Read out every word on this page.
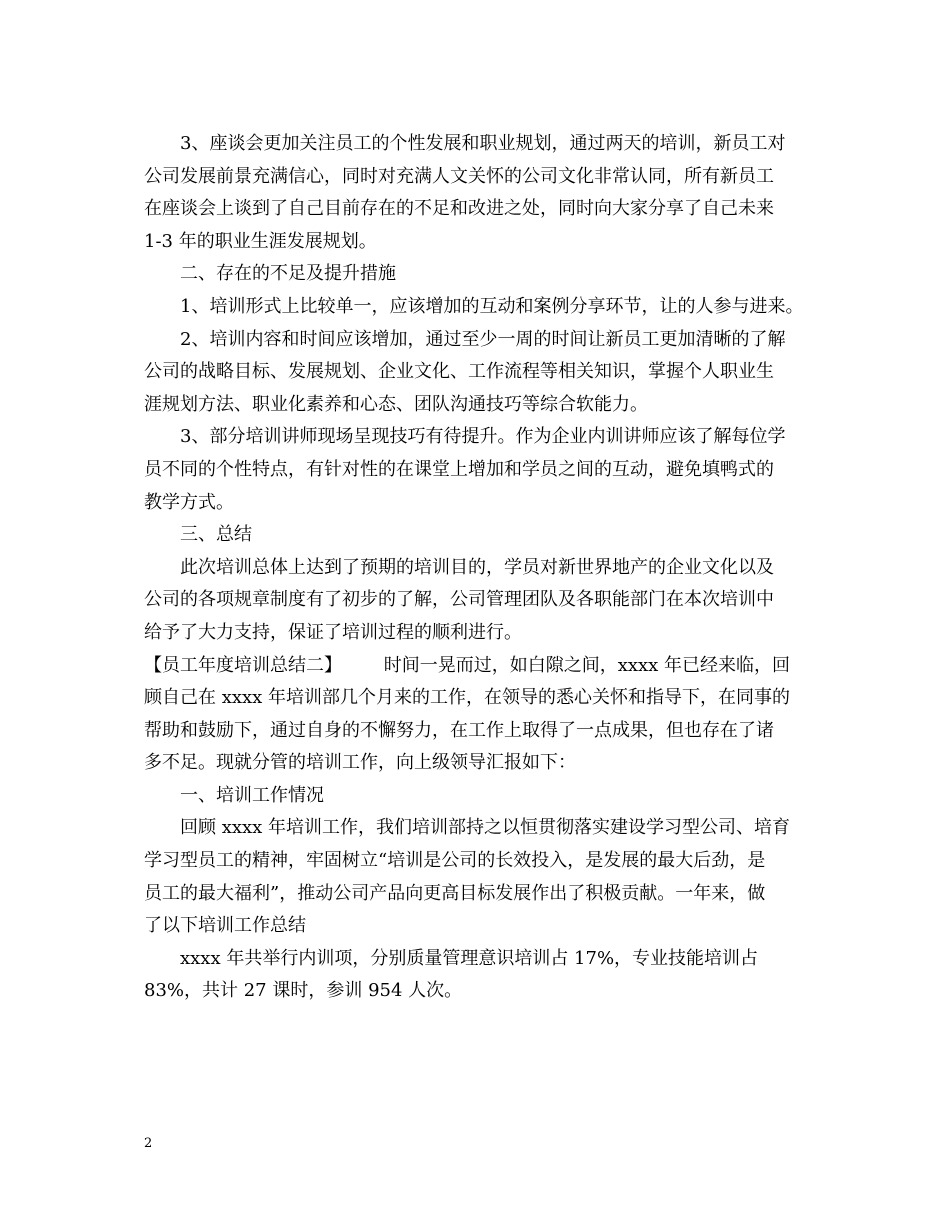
3、座谈会更加关注员工的个性发展和职业规划，通过两天的培训，新员工对
公司发展前景充满信心，同时对充满人文关怀的公司文化非常认同，所有新员工
在座谈会上谈到了自己目前存在的不足和改进之处，同时向大家分享了自己未来
1-3 年的职业生涯发展规划。
二、存在的不足及提升措施
1、培训形式上比较单一，应该增加的互动和案例分享环节，让的人参与进来。
2、培训内容和时间应该增加，通过至少一周的时间让新员工更加清晰的了解
公司的战略目标、发展规划、企业文化、工作流程等相关知识，掌握个人职业生
涯规划方法、职业化素养和心态、团队沟通技巧等综合软能力。
3、部分培训讲师现场呈现技巧有待提升。作为企业内训讲师应该了解每位学
员不同的个性特点，有针对性的在课堂上增加和学员之间的互动，避免填鸭式的
教学方式。
三、总结
此次培训总体上达到了预期的培训目的，学员对新世界地产的企业文化以及
公司的各项规章制度有了初步的了解，公司管理团队及各职能部门在本次培训中
给予了大力支持，保证了培训过程的顺利进行。
【员工年度培训总结二】 　　时间一晃而过，如白隙之间，xxxx 年已经来临，回
顾自己在 xxxx 年培训部几个月来的工作，在领导的悉心关怀和指导下，在同事的
帮助和鼓励下，通过自身的不懈努力，在工作上取得了一点成果，但也存在了诸
多不足。现就分管的培训工作，向上级领导汇报如下：
一、培训工作情况
回顾 xxxx 年培训工作，我们培训部持之以恒贯彻落实建设学习型公司、培育
学习型员工的精神，牢固树立“培训是公司的长效投入，是发展的最大后劲，是
员工的最大福利”，推动公司产品向更高目标发展作出了积极贡献。一年来，做
了以下培训工作总结
xxxx 年共举行内训项，分别质量管理意识培训占 17%，专业技能培训占
83%，共计 27 课时，参训 954 人次。
2
